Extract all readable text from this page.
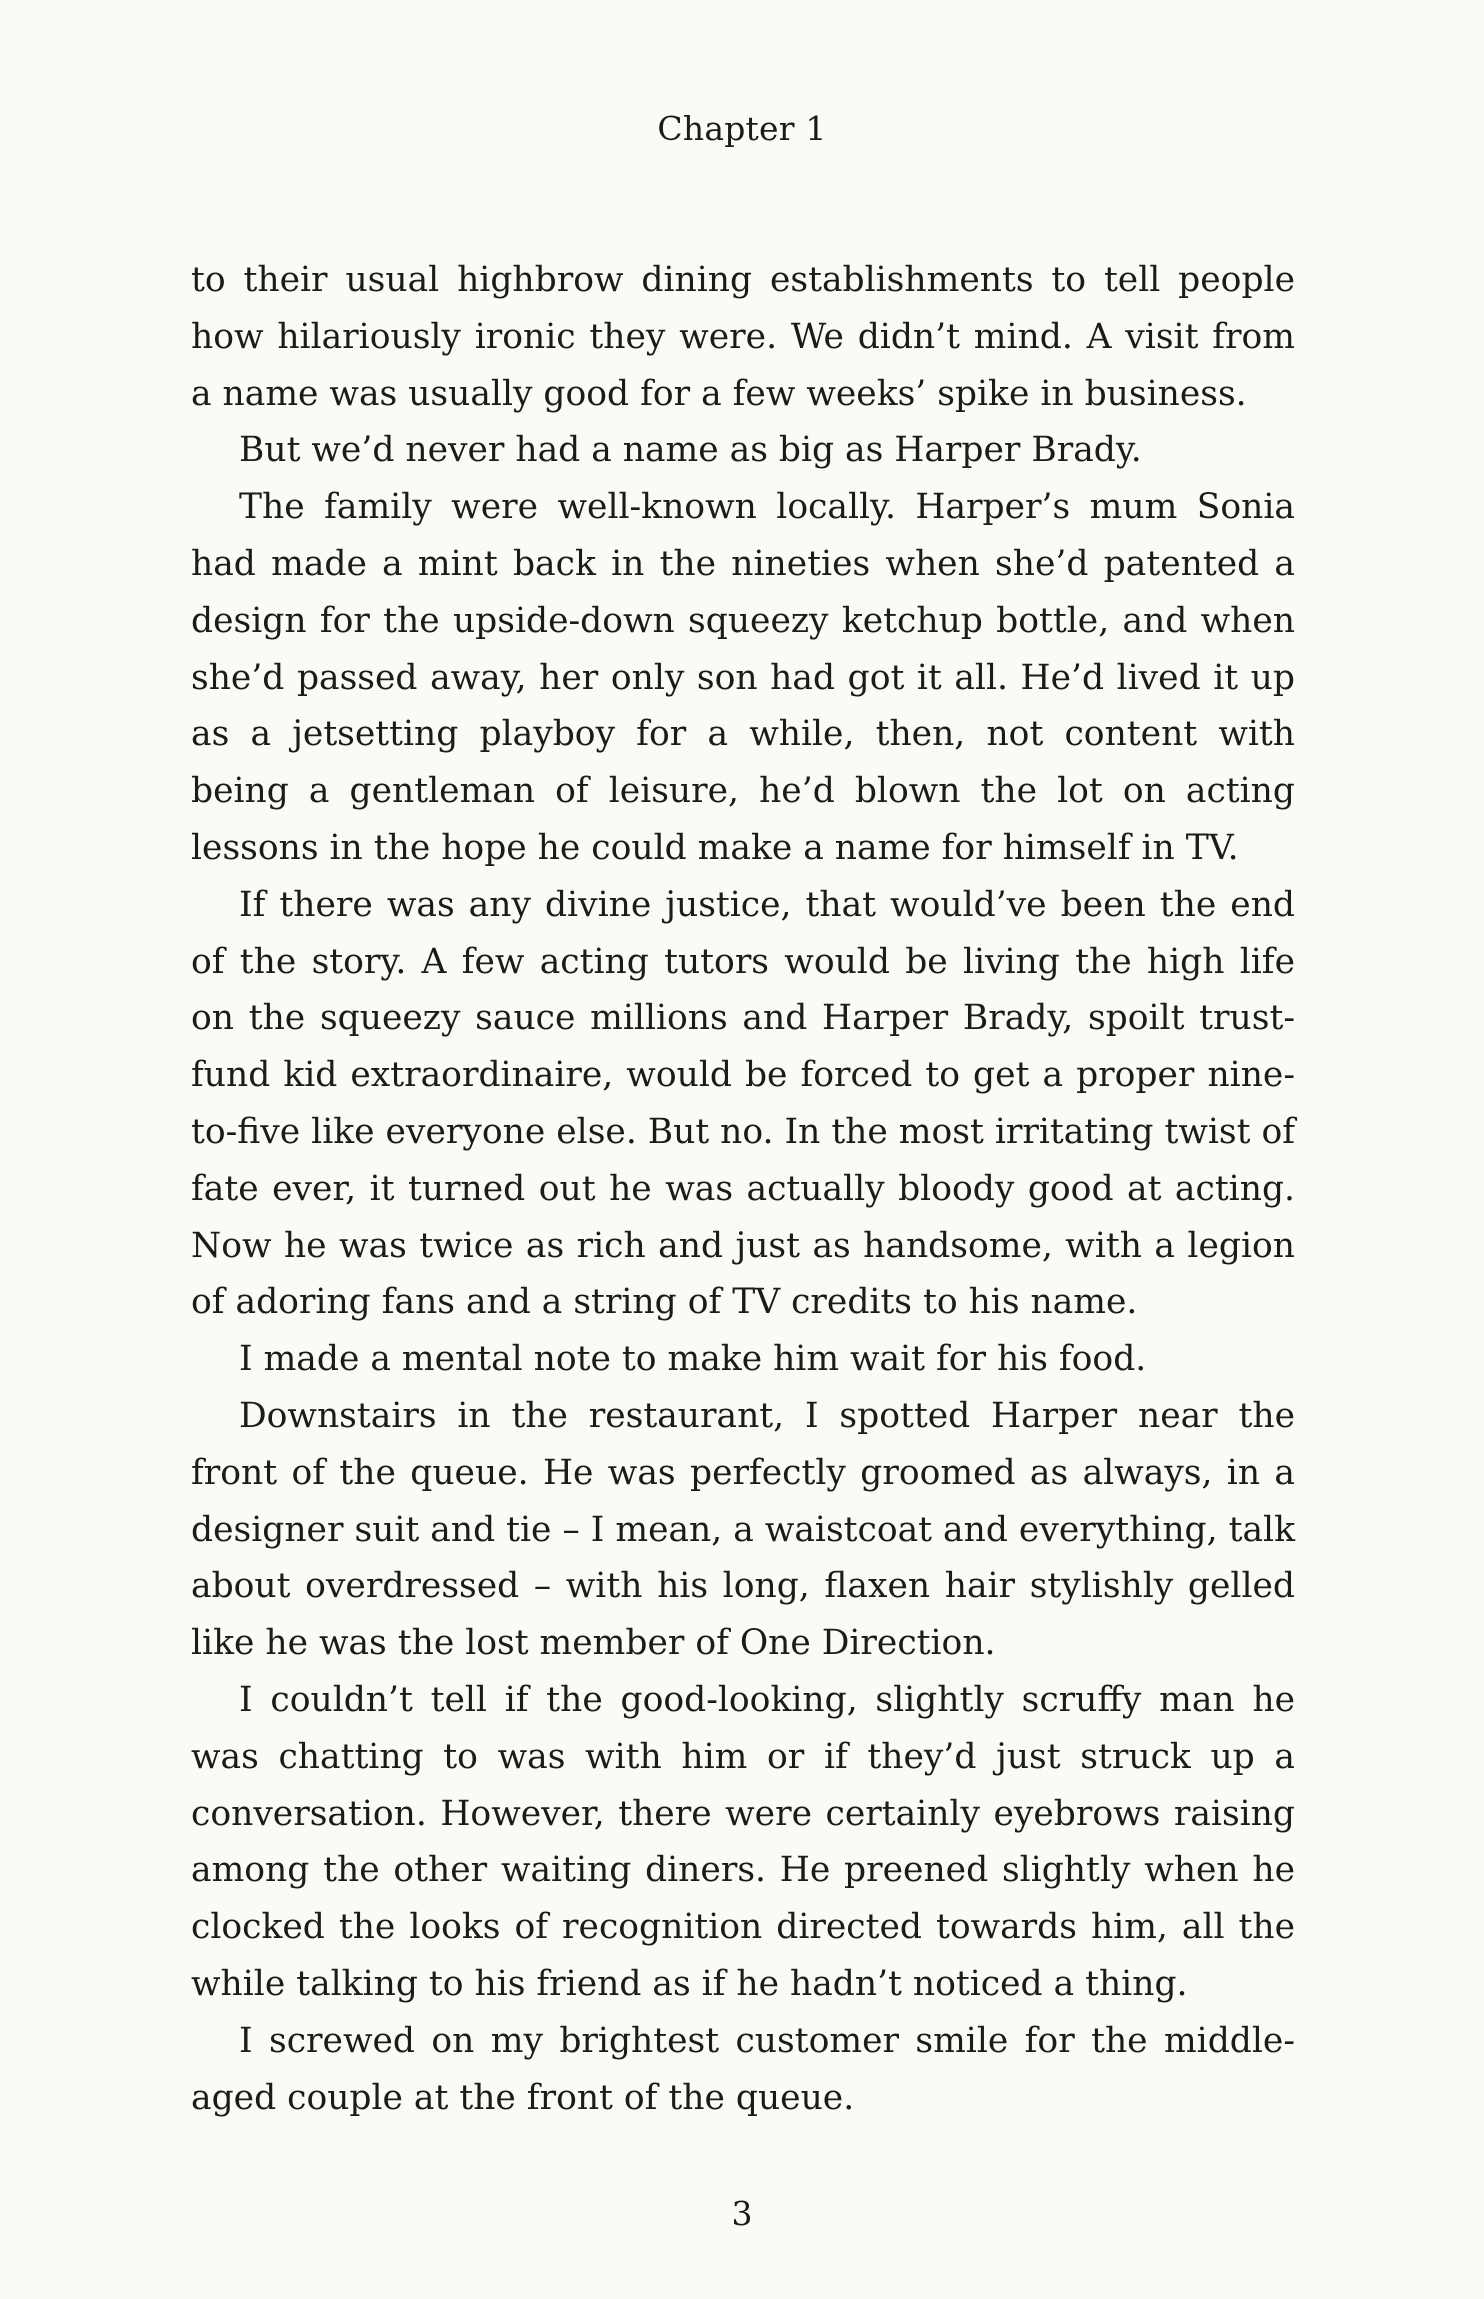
Chapter 1

to their usual highbrow dining establishments to tell people how hilariously ironic they were. We didn’t mind. A visit from a name was usually good for a few weeks’ spike in business.

But we’d never had a name as big as Harper Brady.

The family were well-known locally. Harper’s mum Sonia had made a mint back in the nineties when she’d patented a design for the upside-down squeezy ketchup bottle, and when she’d passed away, her only son had got it all. He’d lived it up as a jetsetting playboy for a while, then, not content with being a gentleman of leisure, he’d blown the lot on acting lessons in the hope he could make a name for himself in TV.

If there was any divine justice, that would’ve been the end of the story. A few acting tutors would be living the high life on the squeezy sauce millions and Harper Brady, spoilt trust-fund kid extraordinaire, would be forced to get a proper nine-to-five like everyone else. But no. In the most irritating twist of fate ever, it turned out he was actually bloody good at acting. Now he was twice as rich and just as handsome, with a legion of adoring fans and a string of TV credits to his name.

I made a mental note to make him wait for his food.

Downstairs in the restaurant, I spotted Harper near the front of the queue. He was perfectly groomed as always, in a designer suit and tie – I mean, a waistcoat and everything, talk about overdressed – with his long, flaxen hair stylishly gelled like he was the lost member of One Direction.

I couldn’t tell if the good-looking, slightly scruffy man he was chatting to was with him or if they’d just struck up a conversation. However, there were certainly eyebrows raising among the other waiting diners. He preened slightly when he clocked the looks of recognition directed towards him, all the while talking to his friend as if he hadn’t noticed a thing.

I screwed on my brightest customer smile for the middle-aged couple at the front of the queue.

3
